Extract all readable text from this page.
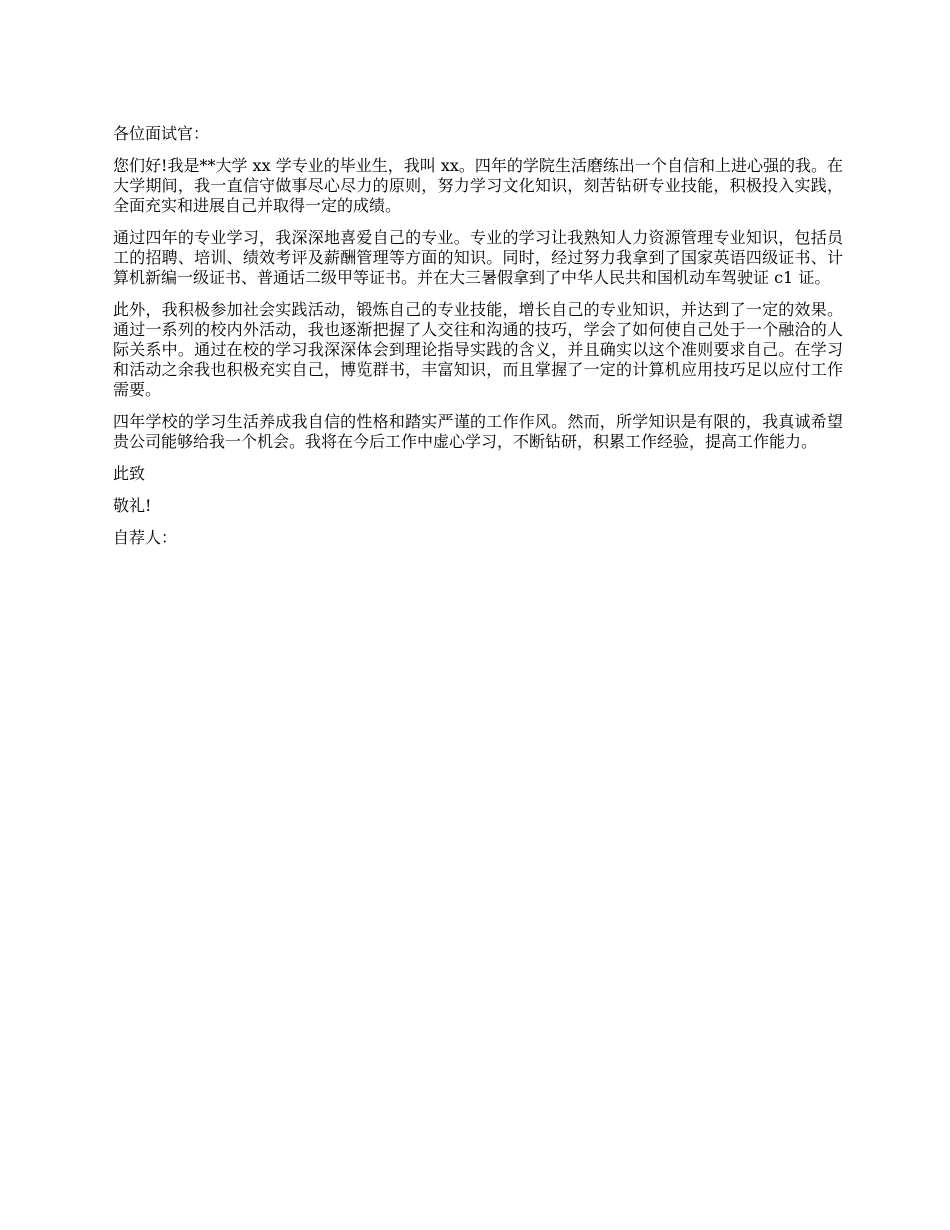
各位面试官：

您们好!我是**大学 xx 学专业的毕业生，我叫 xx。四年的学院生活磨练出一个自信和上进心强的我。在大学期间，我一直信守做事尽心尽力的原则，努力学习文化知识，刻苦钻研专业技能，积极投入实践，全面充实和进展自己并取得一定的成绩。

通过四年的专业学习，我深深地喜爱自己的专业。专业的学习让我熟知人力资源管理专业知识，包括员工的招聘、培训、绩效考评及薪酬管理等方面的知识。同时，经过努力我拿到了国家英语四级证书、计算机新编一级证书、普通话二级甲等证书。并在大三暑假拿到了中华人民共和国机动车驾驶证 c1 证。

此外，我积极参加社会实践活动，锻炼自己的专业技能，增长自己的专业知识，并达到了一定的效果。通过一系列的校内外活动，我也逐渐把握了人交往和沟通的技巧，学会了如何使自己处于一个融洽的人际关系中。通过在校的学习我深深体会到理论指导实践的含义，并且确实以这个准则要求自己。在学习和活动之余我也积极充实自己，博览群书，丰富知识，而且掌握了一定的计算机应用技巧足以应付工作需要。

四年学校的学习生活养成我自信的性格和踏实严谨的工作作风。然而，所学知识是有限的，我真诚希望贵公司能够给我一个机会。我将在今后工作中虚心学习，不断钻研，积累工作经验，提高工作能力。

此致

敬礼!

自荐人：
